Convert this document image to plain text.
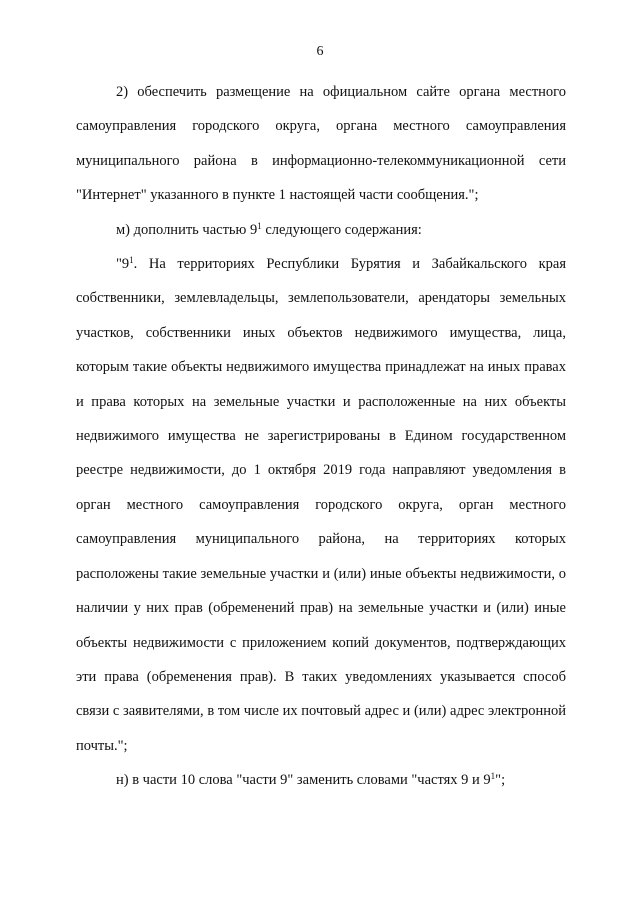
6

2) обеспечить размещение на официальном сайте органа местного самоуправления городского округа, органа местного самоуправления муниципального района в информационно-телекоммуникационной сети "Интернет" указанного в пункте 1 настоящей части сообщения.";

м) дополнить частью $9^1$ следующего содержания:

"$9^1$. На территориях Республики Бурятия и Забайкальского края собственники, землевладельцы, землепользователи, арендаторы земельных участков, собственники иных объектов недвижимого имущества, лица, которым такие объекты недвижимого имущества принадлежат на иных правах и права которых на земельные участки и расположенные на них объекты недвижимого имущества не зарегистрированы в Едином государственном реестре недвижимости, до 1 октября 2019 года направляют уведомления в орган местного самоуправления городского округа, орган местного самоуправления муниципального района, на территориях которых расположены такие земельные участки и (или) иные объекты недвижимости, о наличии у них прав (обременений прав) на земельные участки и (или) иные объекты недвижимости с приложением копий документов, подтверждающих эти права (обременения прав). В таких уведомлениях указывается способ связи с заявителями, в том числе их почтовый адрес и (или) адрес электронной почты.";

н) в части 10 слова "части 9" заменить словами "частях 9 и $9^1$";
